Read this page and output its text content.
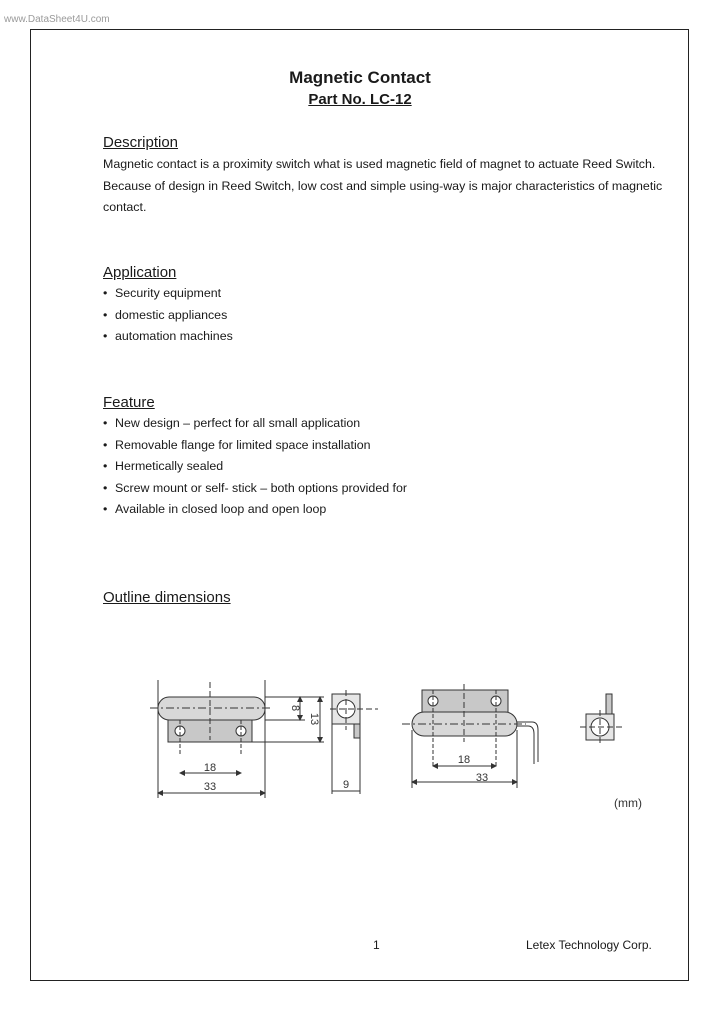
www.DataSheet4U.com
Magnetic Contact
Part No. LC-12
Description
Magnetic contact is a proximity switch what is used magnetic field of magnet to actuate Reed Switch.
Because of design in Reed Switch, low cost and simple using-way is major characteristics of magnetic
contact.
Application
• Security equipment
• domestic appliances
• automation machines
Feature
• New design – perfect for all small application
• Removable flange for limited space installation
• Hermetically sealed
• Screw mount or self- stick – both options provided for
• Available in closed loop and open loop
Outline dimensions
18
33
8
13
9
18
33
(mm)
1	Letex Technology Corp.
